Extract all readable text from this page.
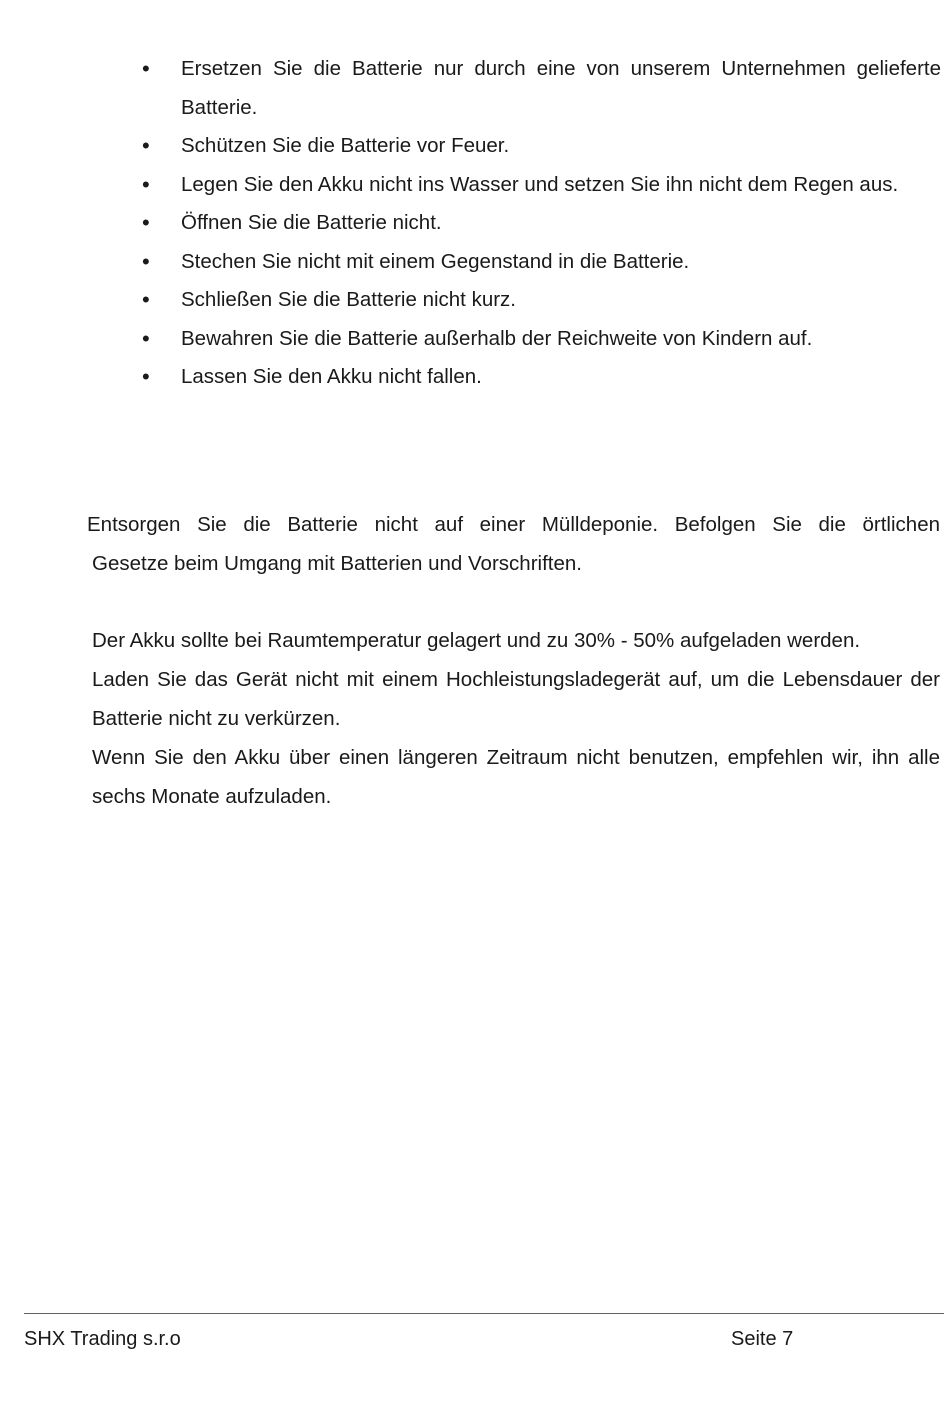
• Ersetzen Sie die Batterie nur durch eine von unserem Unternehmen gelieferte Batterie.
• Schützen Sie die Batterie vor Feuer.
• Legen Sie den Akku nicht ins Wasser und setzen Sie ihn nicht dem Regen aus.
• Öffnen Sie die Batterie nicht.
• Stechen Sie nicht mit einem Gegenstand in die Batterie.
• Schließen Sie die Batterie nicht kurz.
• Bewahren Sie die Batterie außerhalb der Reichweite von Kindern auf.
• Lassen Sie den Akku nicht fallen.
Entsorgen Sie die Batterie nicht auf einer Mülldeponie. Befolgen Sie die örtlichen
Gesetze beim Umgang mit Batterien und Vorschriften.
Der Akku sollte bei Raumtemperatur gelagert und zu 30% - 50% aufgeladen werden.
Laden Sie das Gerät nicht mit einem Hochleistungsladegerät auf, um die Lebensdauer der Batterie nicht zu verkürzen.
Wenn Sie den Akku über einen längeren Zeitraum nicht benutzen, empfehlen wir, ihn alle sechs Monate aufzuladen.
SHX Trading s.r.o	Seite 7
